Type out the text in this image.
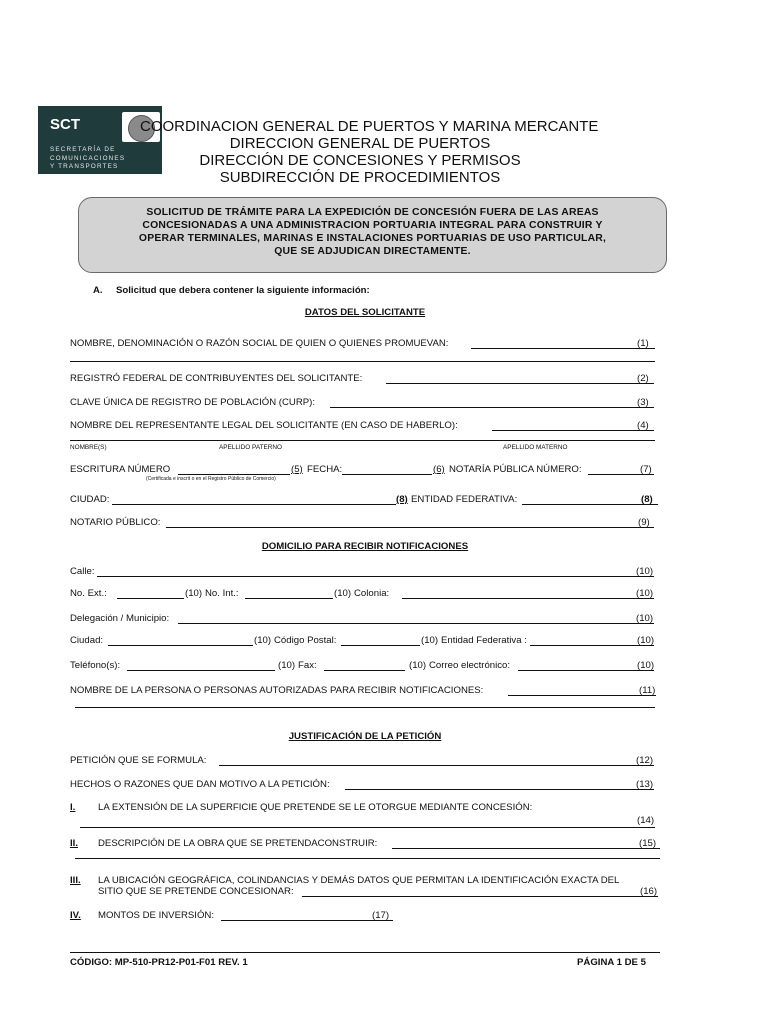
SCT
SECRETARÍA DE
COMUNICACIONES
Y TRANSPORTES
COORDINACION GENERAL DE PUERTOS Y MARINA MERCANTE
DIRECCION GENERAL DE PUERTOS
DIRECCIÓN DE CONCESIONES Y PERMISOS
SUBDIRECCIÓN DE PROCEDIMIENTOS
SOLICITUD DE TRÁMITE PARA LA EXPEDICIÓN DE CONCESIÓN FUERA DE LAS AREAS
CONCESIONADAS A UNA ADMINISTRACION PORTUARIA INTEGRAL PARA CONSTRUIR Y
OPERAR TERMINALES, MARINAS E INSTALACIONES PORTUARIAS DE USO PARTICULAR,
QUE SE ADJUDICAN DIRECTAMENTE.
A. Solicitud que debera contener la siguiente información:
DATOS DEL SOLICITANTE
NOMBRE, DENOMINACIÓN O RAZÓN SOCIAL DE QUIEN O QUIENES PROMUEVAN:	(1)
REGISTRÓ FEDERAL DE CONTRIBUYENTES DEL SOLICITANTE:	(2)
CLAVE ÚNICA DE REGISTRO DE POBLACIÓN (CURP):	(3)
NOMBRE DEL REPRESENTANTE LEGAL DEL SOLICITANTE (EN CASO DE HABERLO):	(4)
NOMBRE(S)	APELLIDO PATERNO	APELLIDO MATERNO
ESCRITURA NÚMERO	(5) FECHA:	(6) NOTARÍA PÚBLICA NÚMERO:	(7)
(Certificada e inscrit o en el Registro Público de Comercio)
CIUDAD:	(8) ENTIDAD FEDERATIVA:	(8)
NOTARIO PÚBLICO:	(9)
DOMICILIO PARA RECIBIR NOTIFICACIONES
Calle:	(10)
No. Ext.:	(10) No. Int.:	(10) Colonia:	(10)
Delegación / Municipio:	(10)
Ciudad:	(10) Código Postal:	(10) Entidad Federativa :	(10)
Teléfono(s):	(10) Fax:	(10) Correo electrónico:	(10)
NOMBRE DE LA PERSONA O PERSONAS AUTORIZADAS PARA RECIBIR NOTIFICACIONES:	(11)
JUSTIFICACIÓN DE LA PETICIÓN
PETICIÓN QUE SE FORMULA:	(12)
HECHOS O RAZONES QUE DAN MOTIVO A LA PETICIÓN:	(13)
I. LA EXTENSIÓN DE LA SUPERFICIE QUE PRETENDE SE LE OTORGUE MEDIANTE CONCESIÓN:
(14)
II. DESCRIPCIÓN DE LA OBRA QUE SE PRETENDACONSTRUIR:	(15)
III. LA UBICACIÓN GEOGRÁFICA, COLINDANCIAS Y DEMÁS DATOS QUE PERMITAN LA IDENTIFICACIÓN EXACTA DEL
SITIO QUE SE PRETENDE CONCESIONAR:	(16)
IV. MONTOS DE INVERSIÓN:	(17)
CÓDIGO: MP-510-PR12-P01-F01 REV. 1	PÁGINA 1 DE 5
